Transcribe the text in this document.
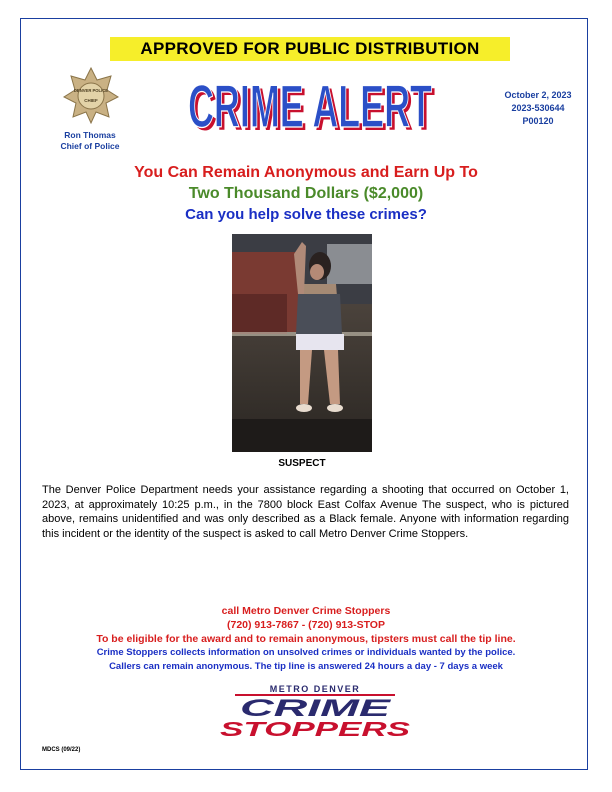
APPROVED FOR PUBLIC DISTRIBUTION
DENVER POLICE
CHIEF
Ron Thomas
Chief of Police
CRIME ALERT
CRIME ALERT	October 2, 2023
2023-530644
P00120
You Can Remain Anonymous and Earn Up To
Two Thousand Dollars ($2,000)
Can you help solve these crimes?
SUSPECT
The Denver Police Department needs your assistance regarding a shooting that occurred on October 1, 2023, at approximately 10:25 p.m., in the 7800 block East Colfax Avenue The suspect, who is pictured above, remains unidentified and was only described as a Black female. Anyone with information regarding this incident or the identity of the suspect is asked to call Metro Denver Crime Stoppers.
call Metro Denver Crime Stoppers
(720) 913-7867 - (720) 913-STOP
To be eligible for the award and to remain anonymous, tipsters must call the tip line.
Crime Stoppers collects information on unsolved crimes or individuals wanted by the police.
Callers can remain anonymous. The tip line is answered 24 hours a day - 7 days a week
METRO DENVER
CRIME
STOPPERS
MDCS (09/22)
